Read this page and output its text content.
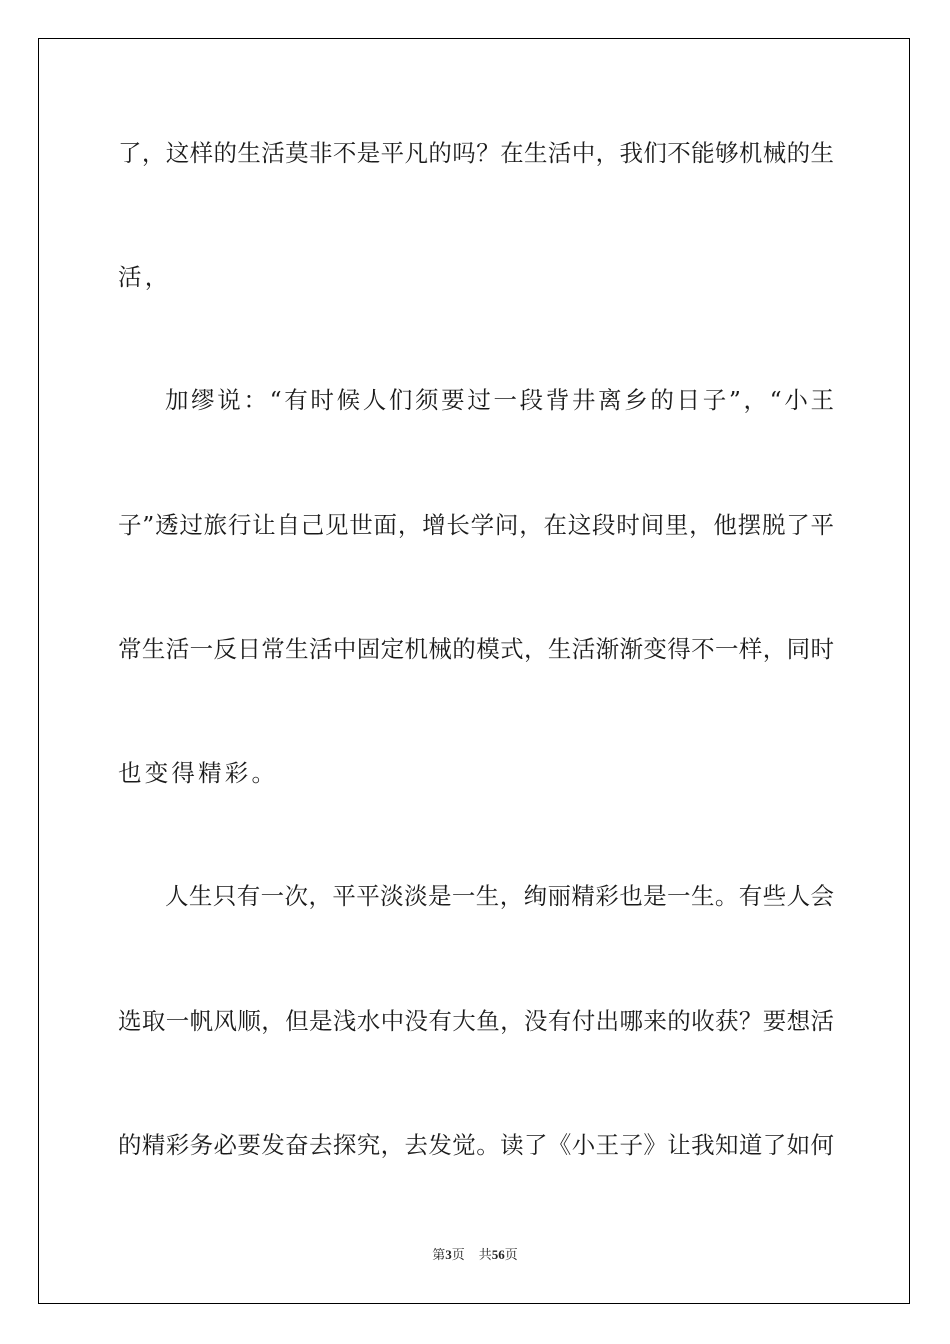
了，这样的生活莫非不是平凡的吗？在生活中，我们不能够机械的生
活，
加缪说：“有时候人们须要过一段背井离乡的日子”，“小王
子”透过旅行让自己见世面，增长学问，在这段时间里，他摆脱了平
常生活一反日常生活中固定机械的模式，生活渐渐变得不一样，同时
也变得精彩。
人生只有一次，平平淡淡是一生，绚丽精彩也是一生。有些人会
选取一帆风顺，但是浅水中没有大鱼，没有付出哪来的收获？要想活
的精彩务必要发奋去探究，去发觉。读了《小王子》让我知道了如何
第3页 共56页
